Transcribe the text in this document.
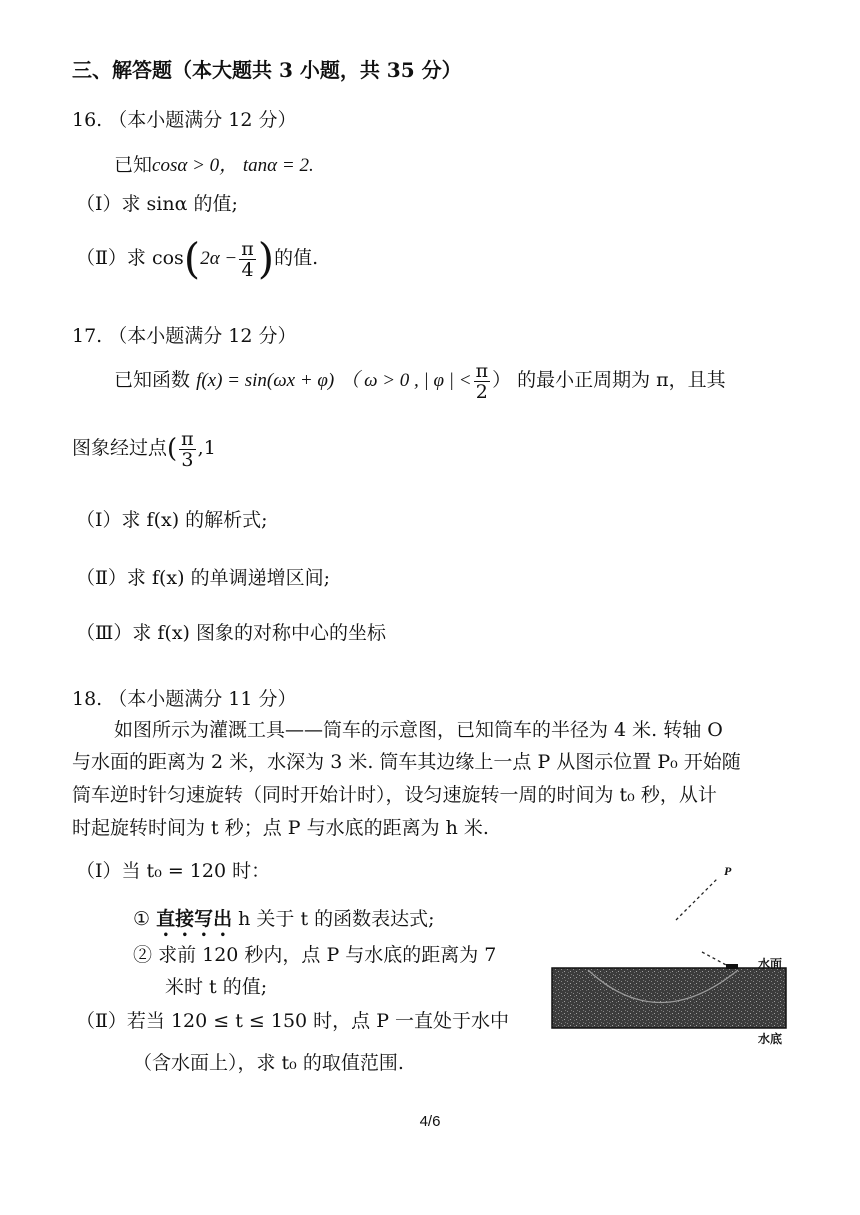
三、解答题（本大题共 3 小题，共 35 分）
16. （本小题满分 12 分）
已知cosα > 0， tanα = 2.
（Ⅰ）求 sinα 的值;
（Ⅱ）求 $\cos(2\alpha - \frac{\pi}{4}$ )的值.
17. （本小题满分 12 分）
已知函数 f(x) = sin(ωx + φ) （ ω > 0 , | φ | < $\frac{\pi}{2}$ ） 的最小正周期为 π，且其
图象经过点( $\frac{\pi}{3} ,1$
（Ⅰ）求 f(x) 的解析式;
（Ⅱ）求 f(x) 的单调递增区间;
（Ⅲ）求 f(x) 图象的对称中心的坐标
18. （本小题满分 11 分）
如图所示为灌溉工具——筒车的示意图，已知筒车的半径为 4 米. 转轴 O
与水面的距离为 2 米，水深为 3 米. 筒车其边缘上一点 P 从图示位置 P₀ 开始随
筒车逆时针匀速旋转（同时开始计时），设匀速旋转一周的时间为 t₀ 秒，从计
时起旋转时间为 t 秒；点 P 与水底的距离为 h 米.
（Ⅰ）当 t₀ = 120 时：
① 直接写出 h 关于 t 的函数表达式;
② 求前 120 秒内，点 P 与水底的距离为 7
米时 t 的值;
（Ⅱ）若当 120 ≤ t ≤ 150 时，点 P 一直处于水中
（含水面上），求 t₀ 的取值范围.
P
水面
水底
4/6
